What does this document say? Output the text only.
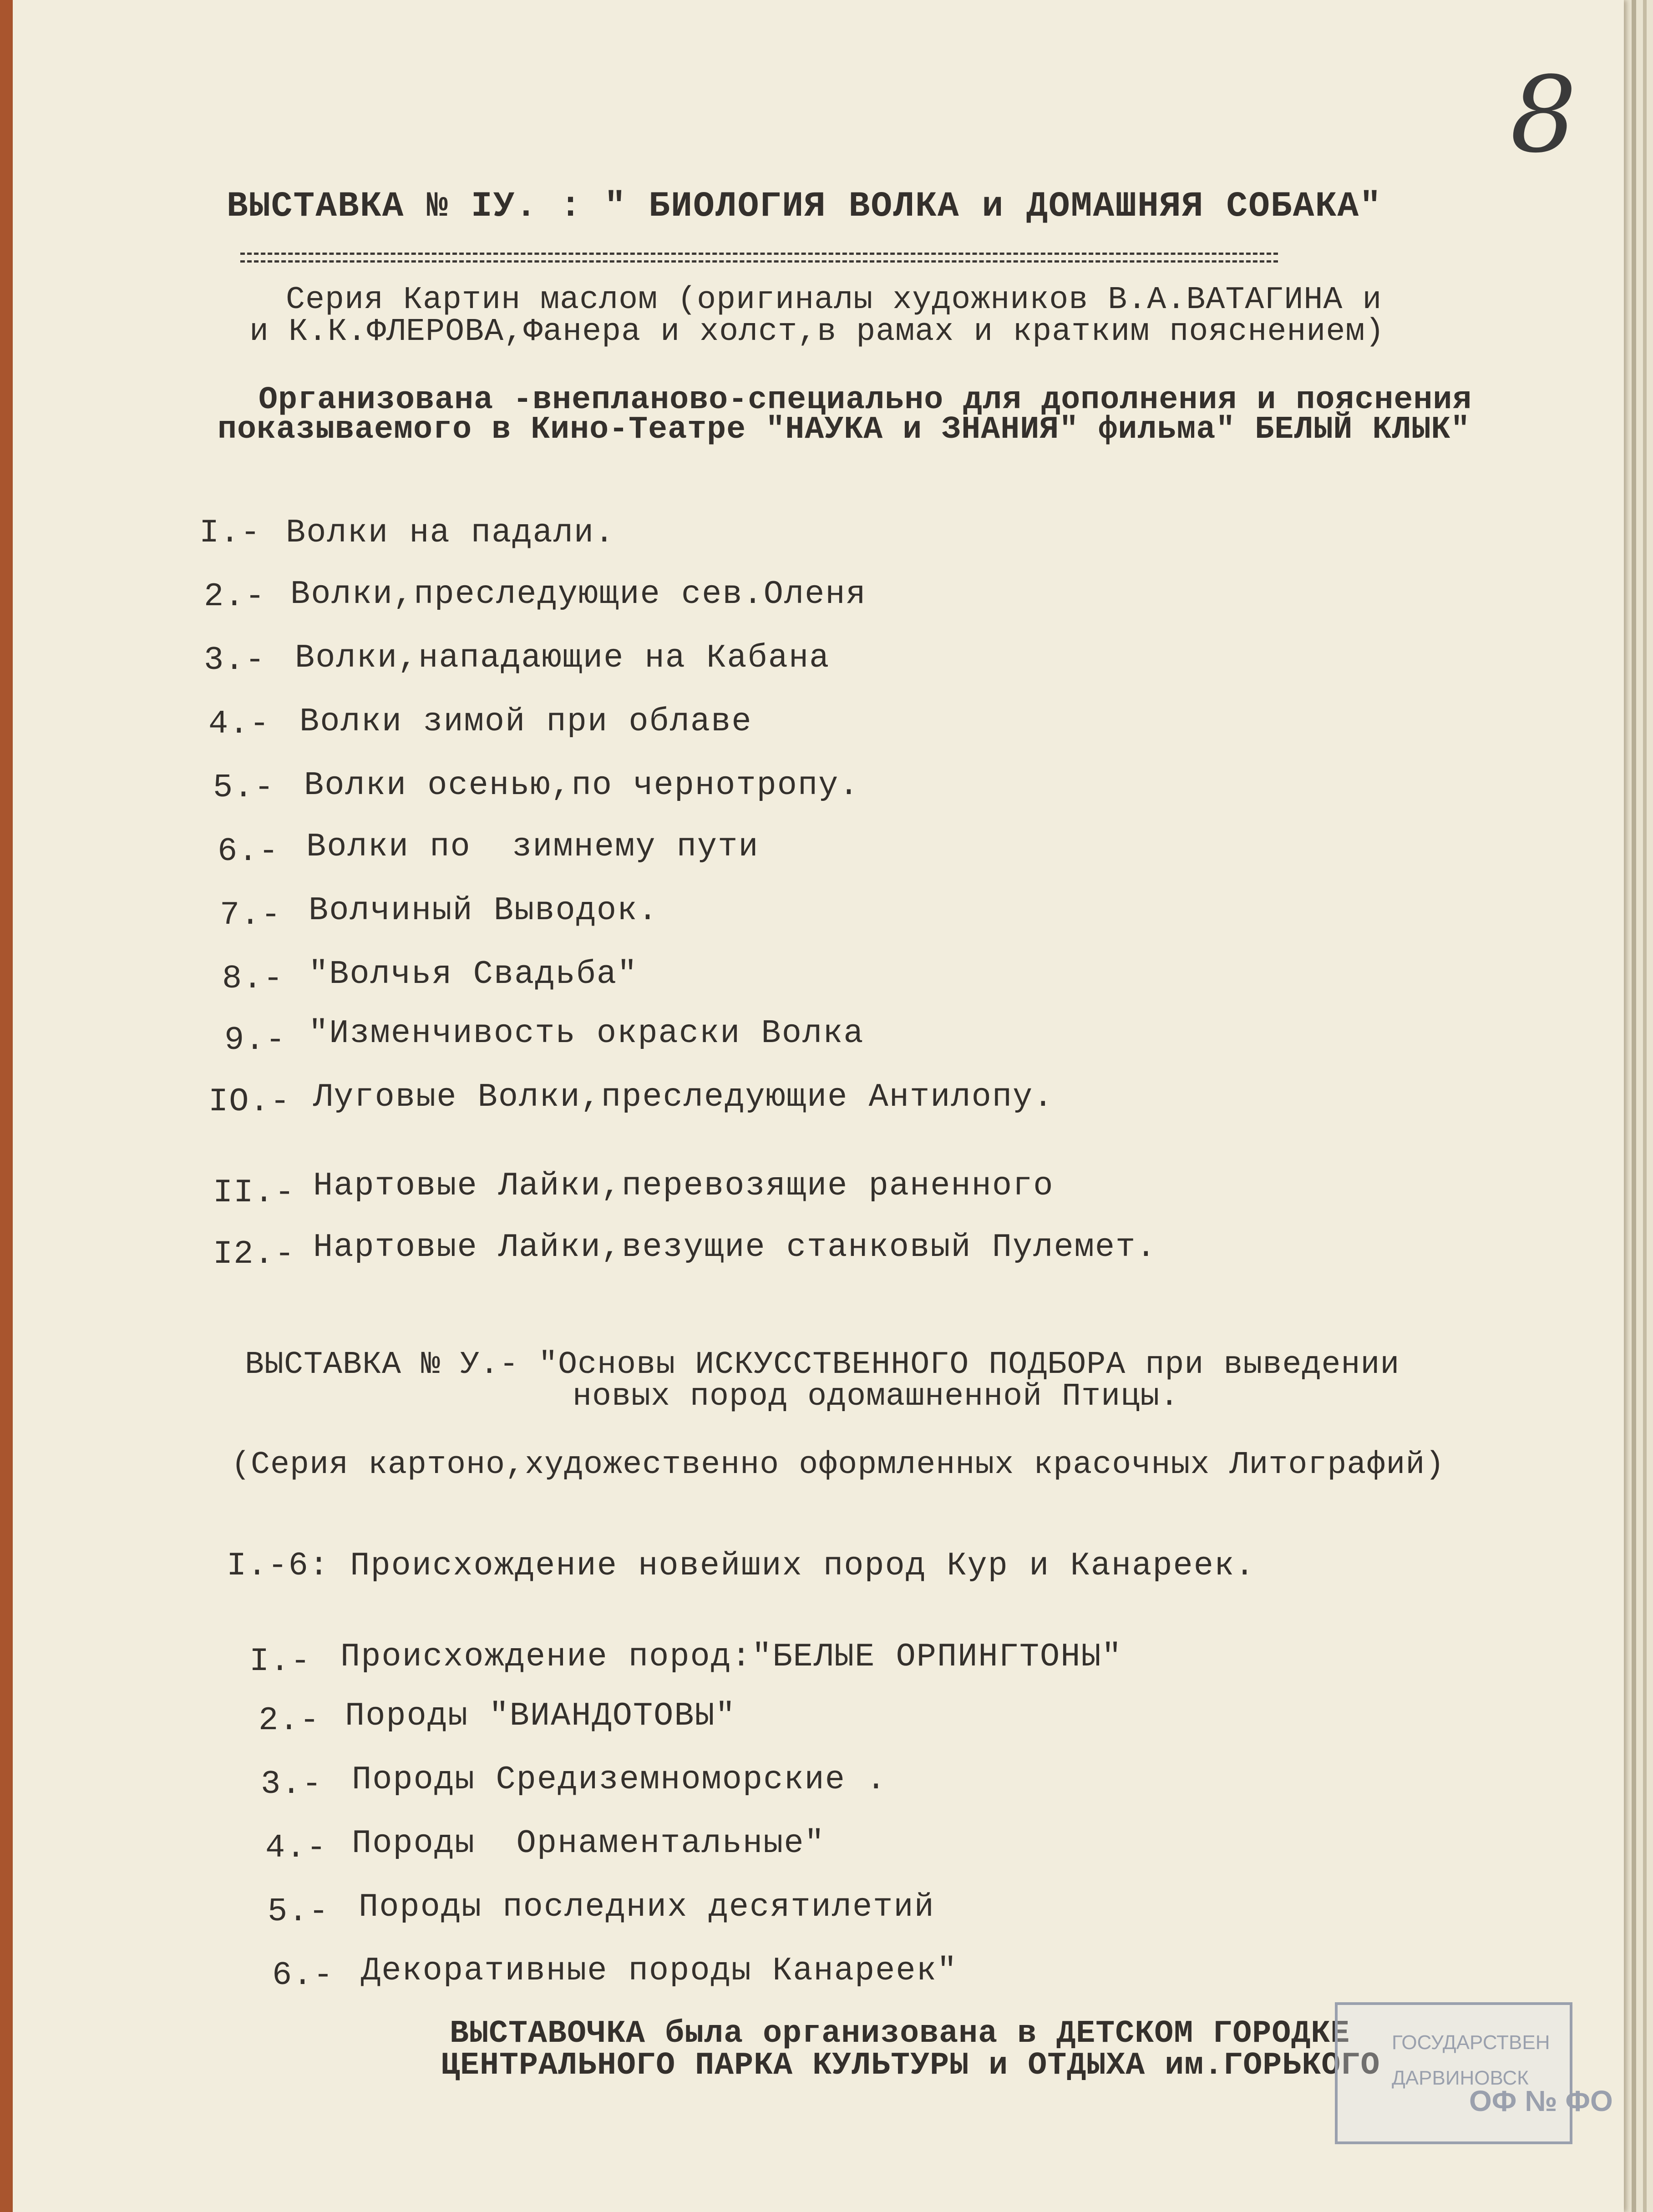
8
ВЫСТАВКА № IУ. : " БИОЛОГИЯ ВОЛКА и ДОМАШНЯЯ СОБАКА"
Серия Картин маслом (оригиналы художников В.А.ВАТАГИНА и
и К.К.ФЛЕРОВА,Фанера и холст,в рамах и кратким пояснением)
Организована -внепланово-специально для дополнения и пояснения
показываемого в Кино-Театре "НАУКА и ЗНАНИЯ" фильма" БЕЛЫЙ КЛЫК"
I.- Волки на падали.
2.- Волки,преследующие сев.Оленя
3.- Волки,нападающие на Кабана
4.- Волки зимой при облаве
5.- Волки осенью,по чернотропу.
6.- Волки по  зимнему пути
7.- Волчиный Выводок.
8.- "Волчья Свадьба"
9.- "Изменчивость окраски Волка
IO.- Луговые Волки,преследующие Антилопу.
II.- Нартовые Лайки,перевозящие раненного
I2.- Нартовые Лайки,везущие станковый Пулемет.
ВЫСТАВКА № У.- "Основы ИСКУССТВЕННОГО ПОДБОРА при выведении
новых пород одомашненной Птицы.
(Серия картоно,художественно оформленных красочных Литографий)
I.-6: Происхождение новейших пород Кур и Канареек.
I.- Происхождение пород:"БЕЛЫЕ ОРПИНГТОНЫ"
2.- Породы "ВИАНДОТОВЫ"
3.- Породы Средиземноморские .
4.- Породы  Орнаментальные"
5.- Породы последних десятилетий
6.- Декоративные породы Канареек"
ВЫСТАВОЧКА была организована в ДЕТСКОМ ГОРОДКЕ
ЦЕНТРАЛЬНОГО ПАРКА КУЛЬТУРЫ и ОТДЫХА им.ГОРЬКОГО
ГОСУДАРСТВЕН
ДАРВИНОВСК
ОФ № ФО
